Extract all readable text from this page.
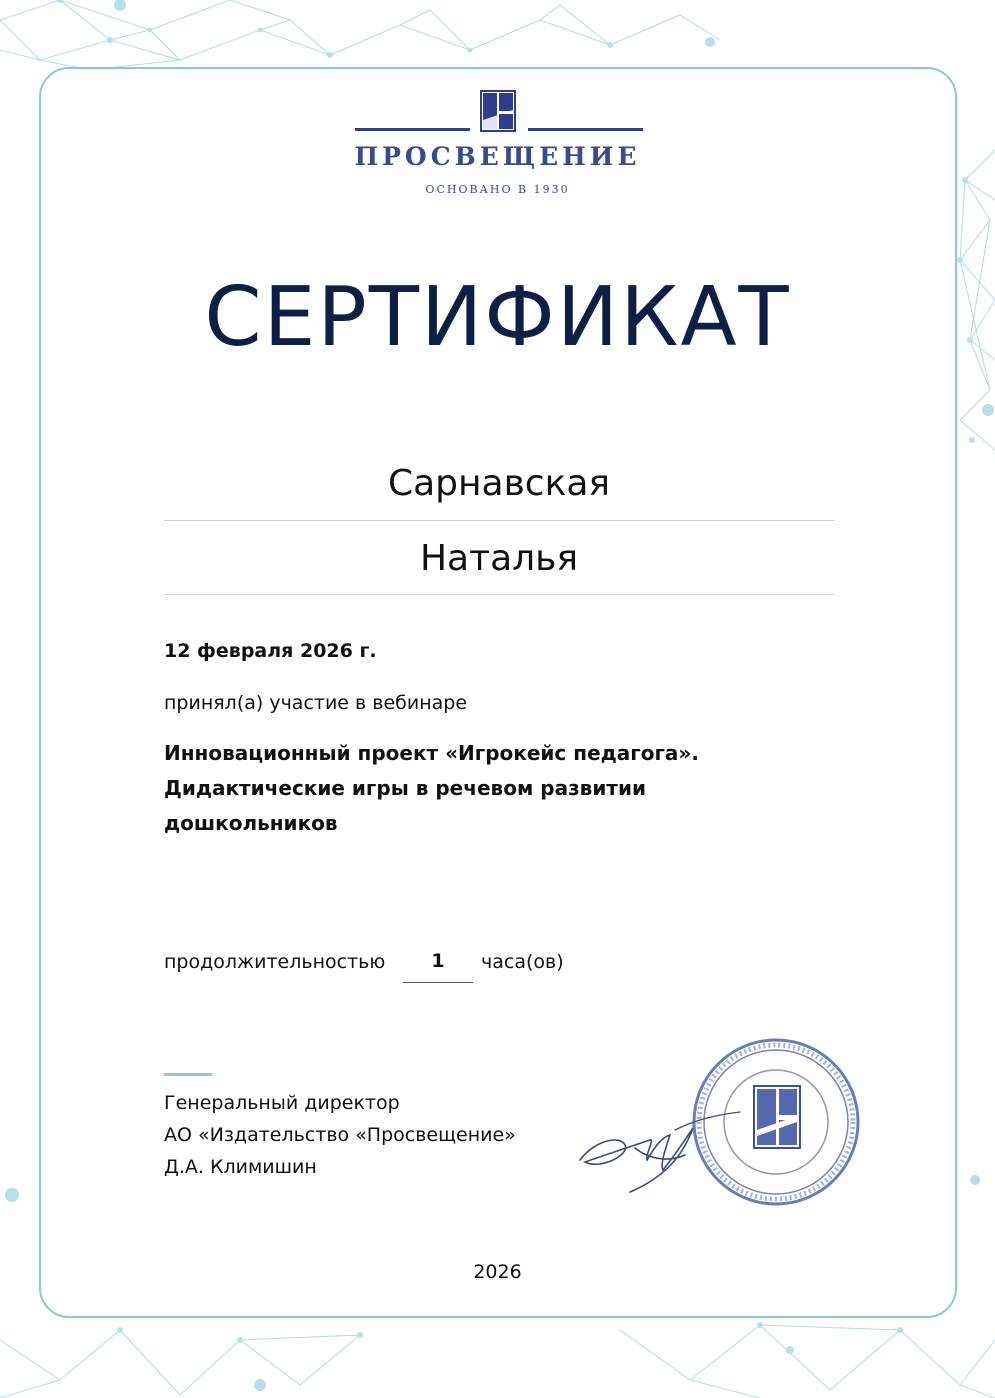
ПРОСВЕЩЕНИЕ
ОСНОВАНО В 1930
СЕРТИФИКАТ
Сарнавская
Наталья
12 февраля 2026 г.
принял(а) участие в вебинаре
Инновационный проект «Игрокейс педагога». Дидактические игры в речевом развитии дошкольников
продолжительностью	1	часа(ов)
Генеральный директор
АО «Издательство «Просвещение»
Д.А. Климишин
2026
